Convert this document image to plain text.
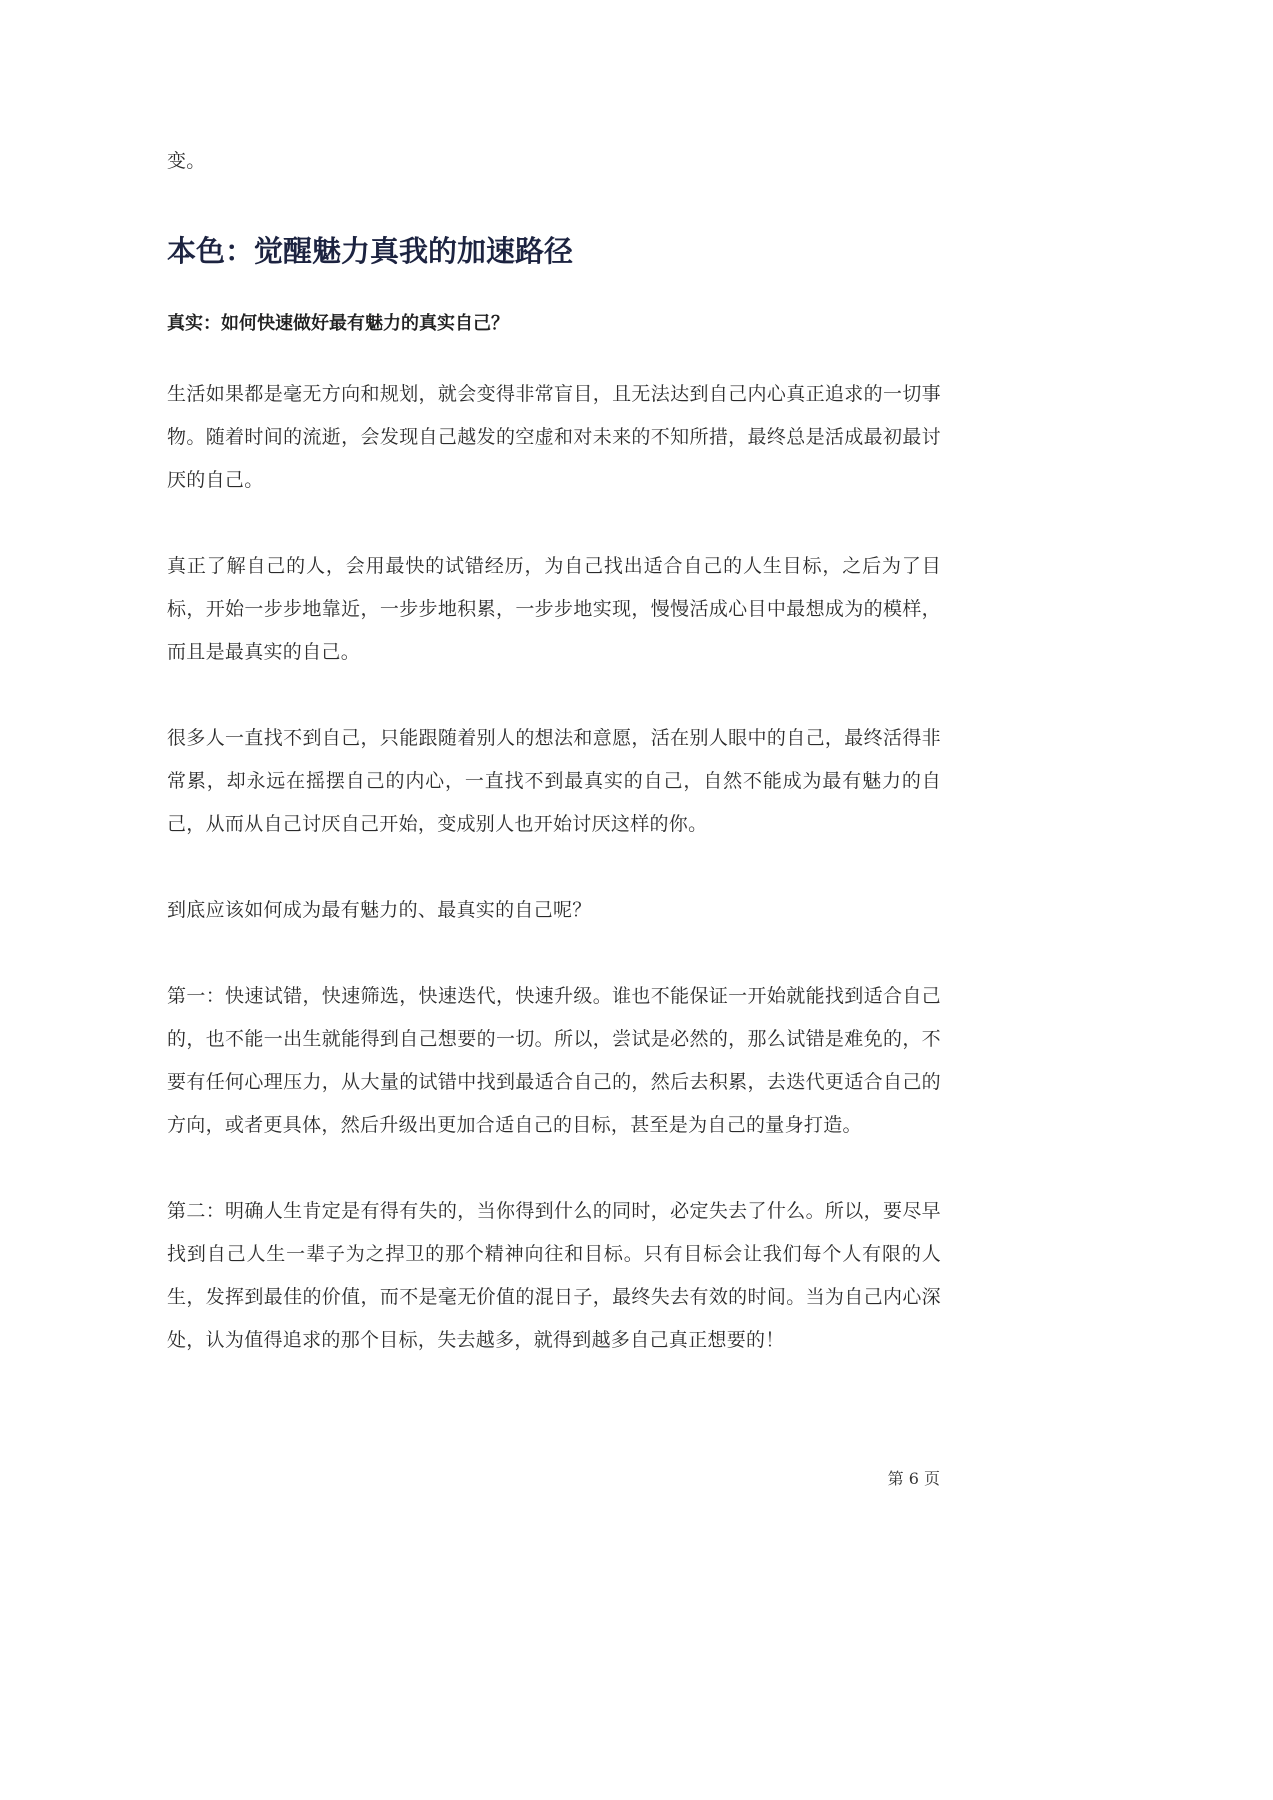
变。

本色：觉醒魅力真我的加速路径
真实：如何快速做好最有魅力的真实自己？

生活如果都是毫无方向和规划，就会变得非常盲目，且无法达到自己内心真正追求的一切事物。随着时间的流逝，会发现自己越发的空虚和对未来的不知所措，最终总是活成最初最讨厌的自己。

真正了解自己的人，会用最快的试错经历，为自己找出适合自己的人生目标，之后为了目标，开始一步步地靠近，一步步地积累，一步步地实现，慢慢活成心目中最想成为的模样，而且是最真实的自己。

很多人一直找不到自己，只能跟随着别人的想法和意愿，活在别人眼中的自己，最终活得非常累，却永远在摇摆自己的内心，一直找不到最真实的自己，自然不能成为最有魅力的自己，从而从自己讨厌自己开始，变成别人也开始讨厌这样的你。

到底应该如何成为最有魅力的、最真实的自己呢？

第一：快速试错，快速筛选，快速迭代，快速升级。谁也不能保证一开始就能找到适合自己的，也不能一出生就能得到自己想要的一切。所以，尝试是必然的，那么试错是难免的，不要有任何心理压力，从大量的试错中找到最适合自己的，然后去积累，去迭代更适合自己的方向，或者更具体，然后升级出更加合适自己的目标，甚至是为自己的量身打造。

第二：明确人生肯定是有得有失的，当你得到什么的同时，必定失去了什么。所以，要尽早找到自己人生一辈子为之捍卫的那个精神向往和目标。只有目标会让我们每个人有限的人生，发挥到最佳的价值，而不是毫无价值的混日子，最终失去有效的时间。当为自己内心深处，认为值得追求的那个目标，失去越多，就得到越多自己真正想要的！

第 6 页
